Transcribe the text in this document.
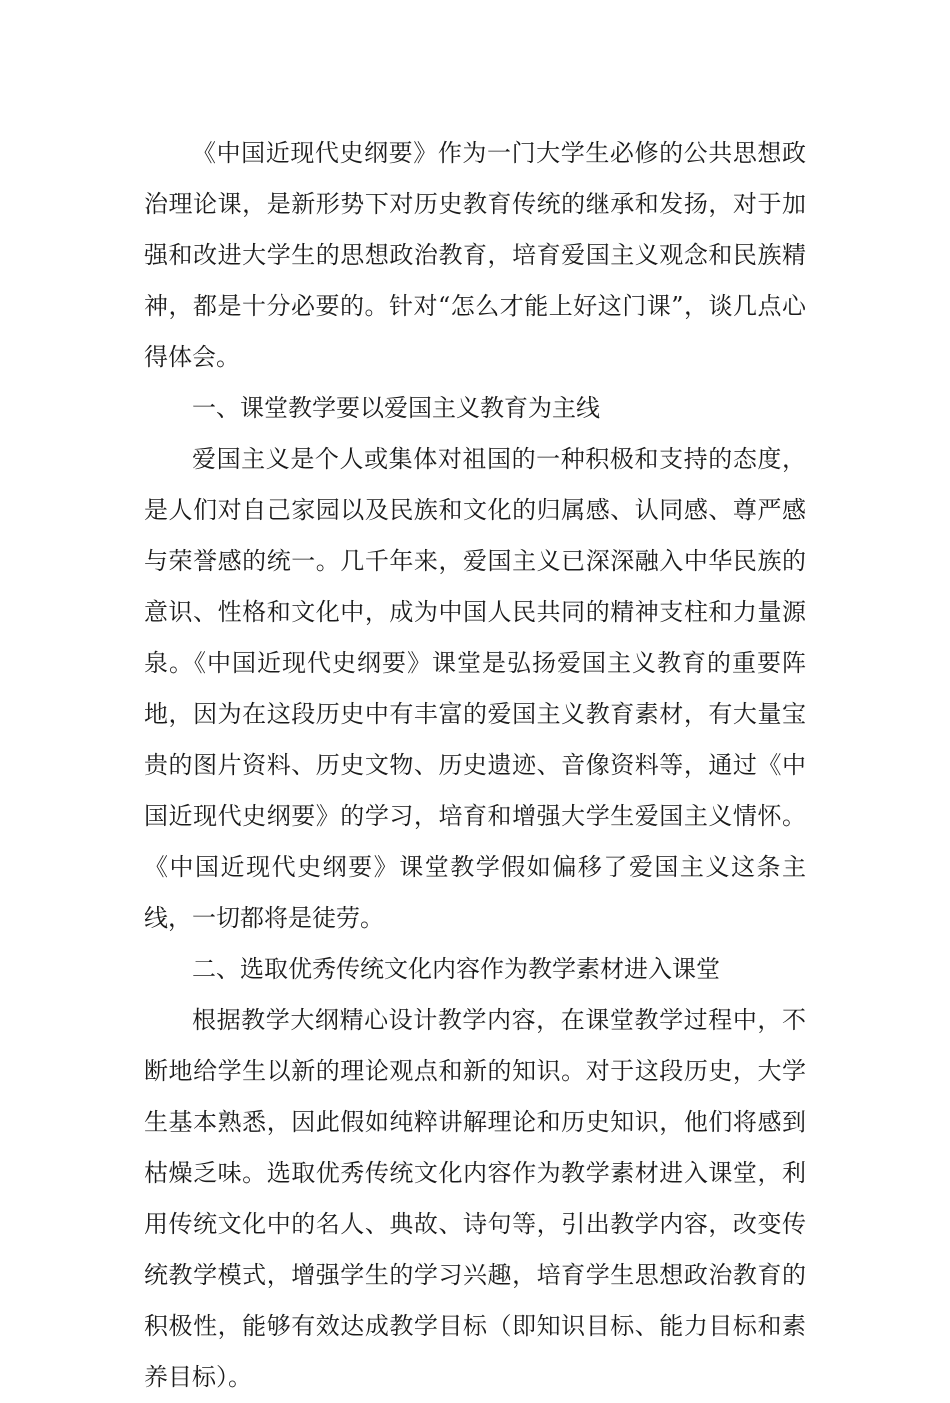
《中国近现代史纲要》作为一门大学生必修的公共思想政治理论课，是新形势下对历史教育传统的继承和发扬，对于加强和改进大学生的思想政治教育，培育爱国主义观念和民族精神，都是十分必要的。针对“怎么才能上好这门课”，谈几点心得体会。

一、课堂教学要以爱国主义教育为主线

爱国主义是个人或集体对祖国的一种积极和支持的态度，是人们对自己家园以及民族和文化的归属感、认同感、尊严感与荣誉感的统一。几千年来，爱国主义已深深融入中华民族的意识、性格和文化中，成为中国人民共同的精神支柱和力量源泉。《中国近现代史纲要》课堂是弘扬爱国主义教育的重要阵地，因为在这段历史中有丰富的爱国主义教育素材，有大量宝贵的图片资料、历史文物、历史遗迹、音像资料等，通过《中国近现代史纲要》的学习，培育和增强大学生爱国主义情怀。《中国近现代史纲要》课堂教学假如偏移了爱国主义这条主线，一切都将是徒劳。

二、选取优秀传统文化内容作为教学素材进入课堂

根据教学大纲精心设计教学内容，在课堂教学过程中，不断地给学生以新的理论观点和新的知识。对于这段历史，大学生基本熟悉，因此假如纯粹讲解理论和历史知识，他们将感到枯燥乏味。选取优秀传统文化内容作为教学素材进入课堂，利用传统文化中的名人、典故、诗句等，引出教学内容，改变传统教学模式，增强学生的学习兴趣，培育学生思想政治教育的积极性，能够有效达成教学目标（即知识目标、能力目标和素养目标）。
